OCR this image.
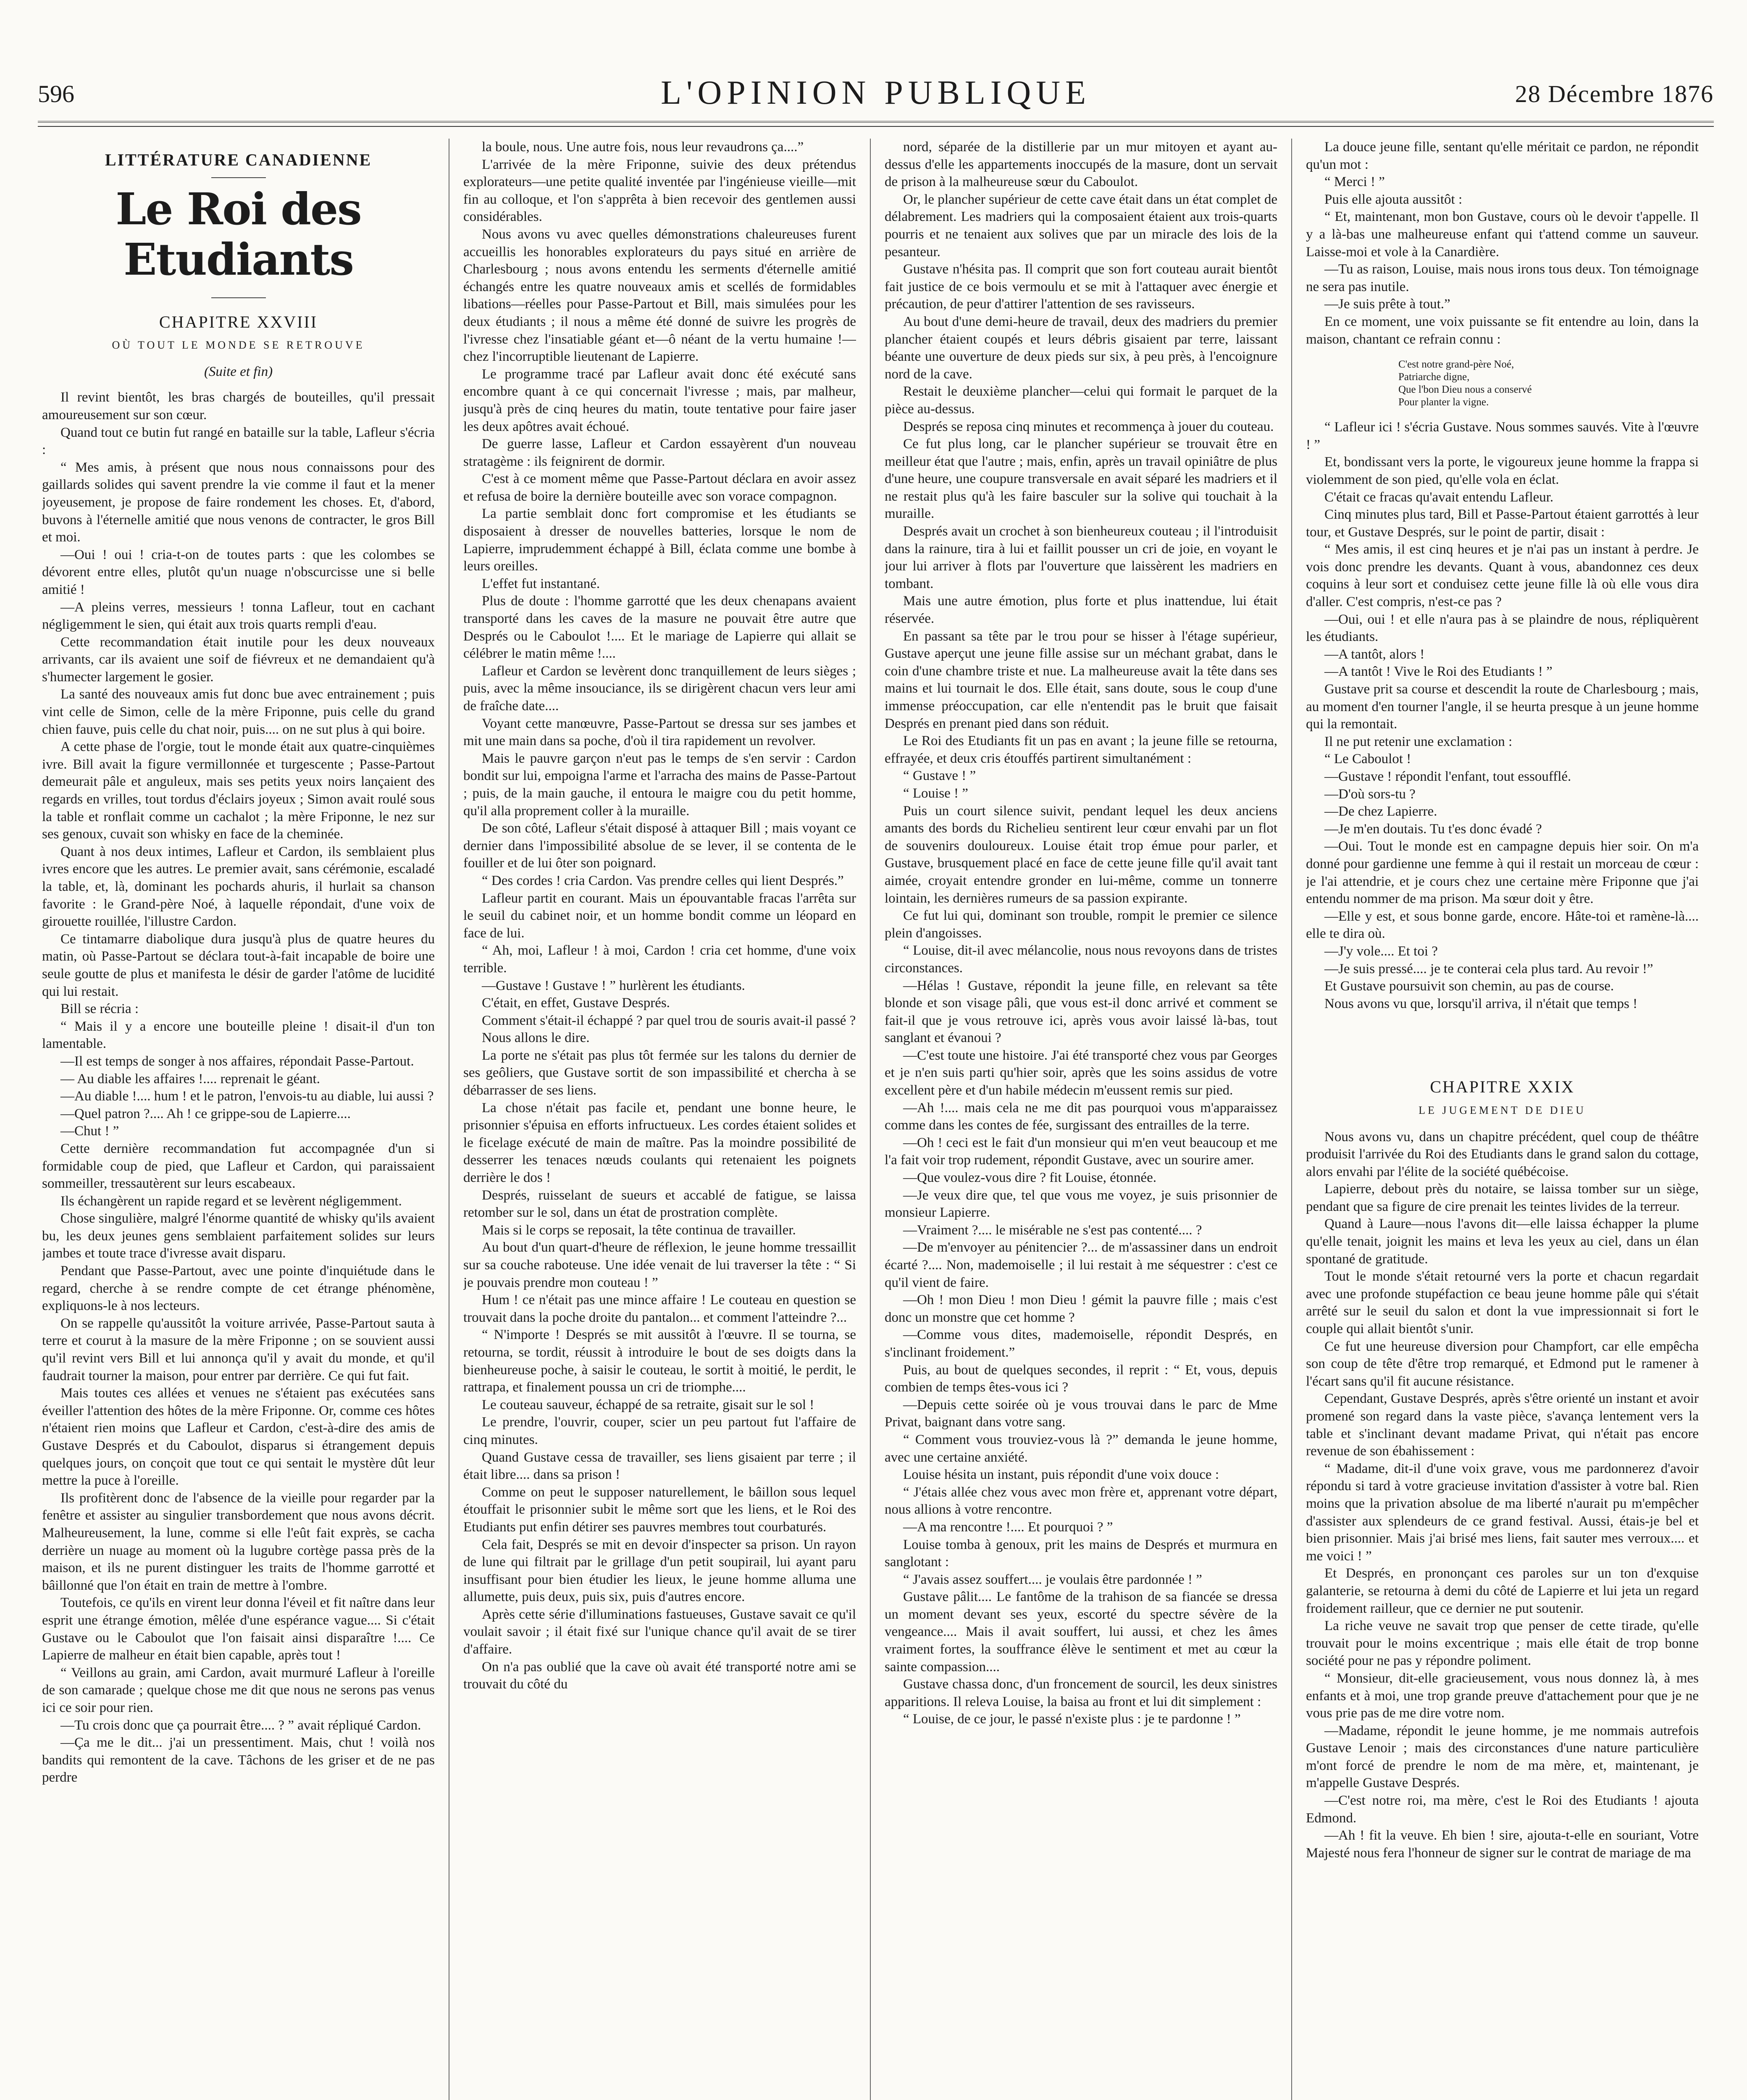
596	L'OPINION PUBLIQUE	28 Décembre 1876
LITTÉRATURE CANADIENNE
Le Roi des Etudiants
CHAPITRE XXVIII
OÙ TOUT LE MONDE SE RETROUVE
(Suite et fin)

Il revint bientôt, les bras chargés de bouteilles, qu'il pressait amoureusement sur son cœur.

Quand tout ce butin fut rangé en bataille sur la table, Lafleur s'écria :

“ Mes amis, à présent que nous nous connaissons pour des gaillards solides qui savent prendre la vie comme il faut et la mener joyeusement, je propose de faire rondement les choses. Et, d'abord, buvons à l'éternelle amitié que nous venons de contracter, le gros Bill et moi.

—Oui ! oui ! cria-t-on de toutes parts : que les colombes se dévorent entre elles, plutôt qu'un nuage n'obscurcisse une si belle amitié !

—A pleins verres, messieurs ! tonna Lafleur, tout en cachant négligemment le sien, qui était aux trois quarts rempli d'eau.

Cette recommandation était inutile pour les deux nouveaux arrivants, car ils avaient une soif de fiévreux et ne demandaient qu'à s'humecter largement le gosier.

La santé des nouveaux amis fut donc bue avec entrainement ; puis vint celle de Simon, celle de la mère Friponne, puis celle du grand chien fauve, puis celle du chat noir, puis.... on ne sut plus à qui boire.

A cette phase de l'orgie, tout le monde était aux quatre-cinquièmes ivre. Bill avait la figure vermillonnée et turgescente ; Passe-Partout demeurait pâle et anguleux, mais ses petits yeux noirs lançaient des regards en vrilles, tout tordus d'éclairs joyeux ; Simon avait roulé sous la table et ronflait comme un cachalot ; la mère Friponne, le nez sur ses genoux, cuvait son whisky en face de la cheminée.

Quant à nos deux intimes, Lafleur et Cardon, ils semblaient plus ivres encore que les autres. Le premier avait, sans cérémonie, escaladé la table, et, là, dominant les pochards ahuris, il hurlait sa chanson favorite : le Grand-père Noé, à laquelle répondait, d'une voix de girouette rouillée, l'illustre Cardon.

Ce tintamarre diabolique dura jusqu'à plus de quatre heures du matin, où Passe-Partout se déclara tout-à-fait incapable de boire une seule goutte de plus et manifesta le désir de garder l'atôme de lucidité qui lui restait.

Bill se récria :

“ Mais il y a encore une bouteille pleine ! disait-il d'un ton lamentable.

—Il est temps de songer à nos affaires, répondait Passe-Partout.

— Au diable les affaires !.... reprenait le géant.

—Au diable !.... hum ! et le patron, l'envois-tu au diable, lui aussi ?

—Quel patron ?.... Ah ! ce grippe-sou de Lapierre....

—Chut ! ”

Cette dernière recommandation fut accompagnée d'un si formidable coup de pied, que Lafleur et Cardon, qui paraissaient sommeiller, tressautèrent sur leurs escabeaux.

Ils échangèrent un rapide regard et se levèrent négligemment.

Chose singulière, malgré l'énorme quantité de whisky qu'ils avaient bu, les deux jeunes gens semblaient parfaitement solides sur leurs jambes et toute trace d'ivresse avait disparu.

Pendant que Passe-Partout, avec une pointe d'inquiétude dans le regard, cherche à se rendre compte de cet étrange phénomène, expliquons-le à nos lecteurs.

On se rappelle qu'aussitôt la voiture arrivée, Passe-Partout sauta à terre et courut à la masure de la mère Friponne ; on se souvient aussi qu'il revint vers Bill et lui annonça qu'il y avait du monde, et qu'il faudrait tourner la maison, pour entrer par derrière. Ce qui fut fait.

Mais toutes ces allées et venues ne s'étaient pas exécutées sans éveiller l'attention des hôtes de la mère Friponne. Or, comme ces hôtes n'étaient rien moins que Lafleur et Cardon, c'est-à-dire des amis de Gustave Després et du Caboulot, disparus si étrangement depuis quelques jours, on conçoit que tout ce qui sentait le mystère dût leur mettre la puce à l'oreille.

Ils profitèrent donc de l'absence de la vieille pour regarder par la fenêtre et assister au singulier transbordement que nous avons décrit. Malheureusement, la lune, comme si elle l'eût fait exprès, se cacha derrière un nuage au moment où la lugubre cortège passa près de la maison, et ils ne purent distinguer les traits de l'homme garrotté et bâillonné que l'on était en train de mettre à l'ombre.

Toutefois, ce qu'ils en virent leur donna l'éveil et fit naître dans leur esprit une étrange émotion, mêlée d'une espérance vague.... Si c'était Gustave ou le Caboulot que l'on faisait ainsi disparaître !.... Ce Lapierre de malheur en était bien capable, après tout !

“ Veillons au grain, ami Cardon, avait murmuré Lafleur à l'oreille de son camarade ; quelque chose me dit que nous ne serons pas venus ici ce soir pour rien.

—Tu crois donc que ça pourrait être.... ? ” avait répliqué Cardon.

—Ça me le dit... j'ai un pressentiment. Mais, chut ! voilà nos bandits qui remontent de la cave. Tâchons de les griser et de ne pas perdre

la boule, nous. Une autre fois, nous leur revaudrons ça....”

L'arrivée de la mère Friponne, suivie des deux prétendus explorateurs—une petite qualité inventée par l'ingénieuse vieille—mit fin au colloque, et l'on s'apprêta à bien recevoir des gentlemen aussi considérables.

Nous avons vu avec quelles démonstrations chaleureuses furent accueillis les honorables explorateurs du pays situé en arrière de Charlesbourg ; nous avons entendu les serments d'éternelle amitié échangés entre les quatre nouveaux amis et scellés de formidables libations—réelles pour Passe-Partout et Bill, mais simulées pour les deux étudiants ; il nous a même été donné de suivre les progrès de l'ivresse chez l'insatiable géant et—ô néant de la vertu humaine !—chez l'incorruptible lieutenant de Lapierre.

Le programme tracé par Lafleur avait donc été exécuté sans encombre quant à ce qui concernait l'ivresse ; mais, par malheur, jusqu'à près de cinq heures du matin, toute tentative pour faire jaser les deux apôtres avait échoué.

De guerre lasse, Lafleur et Cardon essayèrent d'un nouveau stratagème : ils feignirent de dormir.

C'est à ce moment même que Passe-Partout déclara en avoir assez et refusa de boire la dernière bouteille avec son vorace compagnon.

La partie semblait donc fort compromise et les étudiants se disposaient à dresser de nouvelles batteries, lorsque le nom de Lapierre, imprudemment échappé à Bill, éclata comme une bombe à leurs oreilles.

L'effet fut instantané.

Plus de doute : l'homme garrotté que les deux chenapans avaient transporté dans les caves de la masure ne pouvait être autre que Després ou le Caboulot !.... Et le mariage de Lapierre qui allait se célébrer le matin même !....

Lafleur et Cardon se levèrent donc tranquillement de leurs sièges ; puis, avec la même insouciance, ils se dirigèrent chacun vers leur ami de fraîche date....

Voyant cette manœuvre, Passe-Partout se dressa sur ses jambes et mit une main dans sa poche, d'où il tira rapidement un revolver.

Mais le pauvre garçon n'eut pas le temps de s'en servir : Cardon bondit sur lui, empoigna l'arme et l'arracha des mains de Passe-Partout ; puis, de la main gauche, il entoura le maigre cou du petit homme, qu'il alla proprement coller à la muraille.

De son côté, Lafleur s'était disposé à attaquer Bill ; mais voyant ce dernier dans l'impossibilité absolue de se lever, il se contenta de le fouiller et de lui ôter son poignard.

“ Des cordes ! cria Cardon. Vas prendre celles qui lient Després.”

Lafleur partit en courant. Mais un épouvantable fracas l'arrêta sur le seuil du cabinet noir, et un homme bondit comme un léopard en face de lui.

“ Ah, moi, Lafleur ! à moi, Cardon ! cria cet homme, d'une voix terrible.

—Gustave ! Gustave ! ” hurlèrent les étudiants.

C'était, en effet, Gustave Després.

Comment s'était-il échappé ? par quel trou de souris avait-il passé ?

Nous allons le dire.

La porte ne s'était pas plus tôt fermée sur les talons du dernier de ses geôliers, que Gustave sortit de son impassibilité et chercha à se débarrasser de ses liens.

La chose n'était pas facile et, pendant une bonne heure, le prisonnier s'épuisa en efforts infructueux. Les cordes étaient solides et le ficelage exécuté de main de maître. Pas la moindre possibilité de desserrer les tenaces nœuds coulants qui retenaient les poignets derrière le dos !

Després, ruisselant de sueurs et accablé de fatigue, se laissa retomber sur le sol, dans un état de prostration complète.

Mais si le corps se reposait, la tête continua de travailler.

Au bout d'un quart-d'heure de réflexion, le jeune homme tressaillit sur sa couche raboteuse. Une idée venait de lui traverser la tête : “ Si je pouvais prendre mon couteau ! ”

Hum ! ce n'était pas une mince affaire ! Le couteau en question se trouvait dans la poche droite du pantalon... et comment l'atteindre ?...

“ N'importe ! Després se mit aussitôt à l'œuvre. Il se tourna, se retourna, se tordit, réussit à introduire le bout de ses doigts dans la bienheureuse poche, à saisir le couteau, le sortit à moitié, le perdit, le rattrapa, et finalement poussa un cri de triomphe....

Le couteau sauveur, échappé de sa retraite, gisait sur le sol !

Le prendre, l'ouvrir, couper, scier un peu partout fut l'affaire de cinq minutes.

Quand Gustave cessa de travailler, ses liens gisaient par terre ; il était libre.... dans sa prison !

Comme on peut le supposer naturellement, le bâillon sous lequel étouffait le prisonnier subit le même sort que les liens, et le Roi des Etudiants put enfin détirer ses pauvres membres tout courbaturés.

Cela fait, Després se mit en devoir d'inspecter sa prison. Un rayon de lune qui filtrait par le grillage d'un petit soupirail, lui ayant paru insuffisant pour bien étudier les lieux, le jeune homme alluma une allumette, puis deux, puis six, puis d'autres encore.

Après cette série d'illuminations fastueuses, Gustave savait ce qu'il voulait savoir ; il était fixé sur l'unique chance qu'il avait de se tirer d'affaire.

On n'a pas oublié que la cave où avait été transporté notre ami se trouvait du côté du

nord, séparée de la distillerie par un mur mitoyen et ayant au-dessus d'elle les appartements inoccupés de la masure, dont un servait de prison à la malheureuse sœur du Caboulot.

Or, le plancher supérieur de cette cave était dans un état complet de délabrement. Les madriers qui la composaient étaient aux trois-quarts pourris et ne tenaient aux solives que par un miracle des lois de la pesanteur.

Gustave n'hésita pas. Il comprit que son fort couteau aurait bientôt fait justice de ce bois vermoulu et se mit à l'attaquer avec énergie et précaution, de peur d'attirer l'attention de ses ravisseurs.

Au bout d'une demi-heure de travail, deux des madriers du premier plancher étaient coupés et leurs débris gisaient par terre, laissant béante une ouverture de deux pieds sur six, à peu près, à l'encoignure nord de la cave.

Restait le deuxième plancher—celui qui formait le parquet de la pièce au-dessus.

Després se reposa cinq minutes et recommença à jouer du couteau.

Ce fut plus long, car le plancher supérieur se trouvait être en meilleur état que l'autre ; mais, enfin, après un travail opiniâtre de plus d'une heure, une coupure transversale en avait séparé les madriers et il ne restait plus qu'à les faire basculer sur la solive qui touchait à la muraille.

Després avait un crochet à son bienheureux couteau ; il l'introduisit dans la rainure, tira à lui et faillit pousser un cri de joie, en voyant le jour lui arriver à flots par l'ouverture que laissèrent les madriers en tombant.

Mais une autre émotion, plus forte et plus inattendue, lui était réservée.

En passant sa tête par le trou pour se hisser à l'étage supérieur, Gustave aperçut une jeune fille assise sur un méchant grabat, dans le coin d'une chambre triste et nue. La malheureuse avait la tête dans ses mains et lui tournait le dos. Elle était, sans doute, sous le coup d'une immense préoccupation, car elle n'entendit pas le bruit que faisait Després en prenant pied dans son réduit.

Le Roi des Etudiants fit un pas en avant ; la jeune fille se retourna, effrayée, et deux cris étouffés partirent simultanément :

“ Gustave ! ”

“ Louise ! ”

Puis un court silence suivit, pendant lequel les deux anciens amants des bords du Richelieu sentirent leur cœur envahi par un flot de souvenirs douloureux. Louise était trop émue pour parler, et Gustave, brusquement placé en face de cette jeune fille qu'il avait tant aimée, croyait entendre gronder en lui-même, comme un tonnerre lointain, les dernières rumeurs de sa passion expirante.

Ce fut lui qui, dominant son trouble, rompit le premier ce silence plein d'angoisses.

“ Louise, dit-il avec mélancolie, nous nous revoyons dans de tristes circonstances.

—Hélas ! Gustave, répondit la jeune fille, en relevant sa tête blonde et son visage pâli, que vous est-il donc arrivé et comment se fait-il que je vous retrouve ici, après vous avoir laissé là-bas, tout sanglant et évanoui ?

—C'est toute une histoire. J'ai été transporté chez vous par Georges et je n'en suis parti qu'hier soir, après que les soins assidus de votre excellent père et d'un habile médecin m'eussent remis sur pied.

—Ah !.... mais cela ne me dit pas pourquoi vous m'apparaissez comme dans les contes de fée, surgissant des entrailles de la terre.

—Oh ! ceci est le fait d'un monsieur qui m'en veut beaucoup et me l'a fait voir trop rudement, répondit Gustave, avec un sourire amer.

—Que voulez-vous dire ? fit Louise, étonnée.

—Je veux dire que, tel que vous me voyez, je suis prisonnier de monsieur Lapierre.

—Vraiment ?.... le misérable ne s'est pas contenté.... ?

—De m'envoyer au pénitencier ?... de m'assassiner dans un endroit écarté ?.... Non, mademoiselle ; il lui restait à me séquestrer : c'est ce qu'il vient de faire.

—Oh ! mon Dieu ! mon Dieu ! gémit la pauvre fille ; mais c'est donc un monstre que cet homme ?

—Comme vous dites, mademoiselle, répondit Després, en s'inclinant froidement.”

Puis, au bout de quelques secondes, il reprit : “ Et, vous, depuis combien de temps êtes-vous ici ?

—Depuis cette soirée où je vous trouvai dans le parc de Mme Privat, baignant dans votre sang.

“ Comment vous trouviez-vous là ?” demanda le jeune homme, avec une certaine anxiété.

Louise hésita un instant, puis répondit d'une voix douce :

“ J'étais allée chez vous avec mon frère et, apprenant votre départ, nous allions à votre rencontre.

—A ma rencontre !.... Et pourquoi ? ”

Louise tomba à genoux, prit les mains de Després et murmura en sanglotant :

“ J'avais assez souffert.... je voulais être pardonnée ! ”

Gustave pâlit.... Le fantôme de la trahison de sa fiancée se dressa un moment devant ses yeux, escorté du spectre sévère de la vengeance.... Mais il avait souffert, lui aussi, et chez les âmes vraiment fortes, la souffrance élève le sentiment et met au cœur la sainte compassion....

Gustave chassa donc, d'un froncement de sourcil, les deux sinistres apparitions. Il releva Louise, la baisa au front et lui dit simplement :

“ Louise, de ce jour, le passé n'existe plus : je te pardonne ! ”

La douce jeune fille, sentant qu'elle méritait ce pardon, ne répondit qu'un mot :

“ Merci ! ”

Puis elle ajouta aussitôt :

“ Et, maintenant, mon bon Gustave, cours où le devoir t'appelle. Il y a là-bas une malheureuse enfant qui t'attend comme un sauveur. Laisse-moi et vole à la Canardière.

—Tu as raison, Louise, mais nous irons tous deux. Ton témoignage ne sera pas inutile.

—Je suis prête à tout.”

En ce moment, une voix puissante se fit entendre au loin, dans la maison, chantant ce refrain connu :

C'est notre grand-père Noé,
Patriarche digne,
Que l'bon Dieu nous a conservé
Pour planter la vigne.

“ Lafleur ici ! s'écria Gustave. Nous sommes sauvés. Vite à l'œuvre ! ”

Et, bondissant vers la porte, le vigoureux jeune homme la frappa si violemment de son pied, qu'elle vola en éclat.

C'était ce fracas qu'avait entendu Lafleur.

Cinq minutes plus tard, Bill et Passe-Partout étaient garrottés à leur tour, et Gustave Després, sur le point de partir, disait :

“ Mes amis, il est cinq heures et je n'ai pas un instant à perdre. Je vois donc prendre les devants. Quant à vous, abandonnez ces deux coquins à leur sort et conduisez cette jeune fille là où elle vous dira d'aller. C'est compris, n'est-ce pas ?

—Oui, oui ! et elle n'aura pas à se plaindre de nous, répliquèrent les étudiants.

—A tantôt, alors !

—A tantôt ! Vive le Roi des Etudiants ! ”

Gustave prit sa course et descendit la route de Charlesbourg ; mais, au moment d'en tourner l'angle, il se heurta presque à un jeune homme qui la remontait.

Il ne put retenir une exclamation :

“ Le Caboulot !

—Gustave ! répondit l'enfant, tout essoufflé.

—D'où sors-tu ?

—De chez Lapierre.

—Je m'en doutais. Tu t'es donc évadé ?

—Oui. Tout le monde est en campagne depuis hier soir. On m'a donné pour gardienne une femme à qui il restait un morceau de cœur : je l'ai attendrie, et je cours chez une certaine mère Friponne que j'ai entendu nommer de ma prison. Ma sœur doit y être.

—Elle y est, et sous bonne garde, encore. Hâte-toi et ramène-là.... elle te dira où.

—J'y vole.... Et toi ?

—Je suis pressé.... je te conterai cela plus tard. Au revoir !”

Et Gustave poursuivit son chemin, au pas de course.

Nous avons vu que, lorsqu'il arriva, il n'était que temps !

CHAPITRE XXIX
LE JUGEMENT DE DIEU

Nous avons vu, dans un chapitre précédent, quel coup de théâtre produisit l'arrivée du Roi des Etudiants dans le grand salon du cottage, alors envahi par l'élite de la société québécoise.

Lapierre, debout près du notaire, se laissa tomber sur un siège, pendant que sa figure de cire prenait les teintes livides de la terreur.

Quand à Laure—nous l'avons dit—elle laissa échapper la plume qu'elle tenait, joignit les mains et leva les yeux au ciel, dans un élan spontané de gratitude.

Tout le monde s'était retourné vers la porte et chacun regardait avec une profonde stupéfaction ce beau jeune homme pâle qui s'était arrêté sur le seuil du salon et dont la vue impressionnait si fort le couple qui allait bientôt s'unir.

Ce fut une heureuse diversion pour Champfort, car elle empêcha son coup de tête d'être trop remarqué, et Edmond put le ramener à l'écart sans qu'il fit aucune résistance.

Cependant, Gustave Després, après s'être orienté un instant et avoir promené son regard dans la vaste pièce, s'avança lentement vers la table et s'inclinant devant madame Privat, qui n'était pas encore revenue de son ébahissement :

“ Madame, dit-il d'une voix grave, vous me pardonnerez d'avoir répondu si tard à votre gracieuse invitation d'assister à votre bal. Rien moins que la privation absolue de ma liberté n'aurait pu m'empêcher d'assister aux splendeurs de ce grand festival. Aussi, étais-je bel et bien prisonnier. Mais j'ai brisé mes liens, fait sauter mes verroux.... et me voici ! ”

Et Després, en prononçant ces paroles sur un ton d'exquise galanterie, se retourna à demi du côté de Lapierre et lui jeta un regard froidement railleur, que ce dernier ne put soutenir.

La riche veuve ne savait trop que penser de cette tirade, qu'elle trouvait pour le moins excentrique ; mais elle était de trop bonne société pour ne pas y répondre poliment.

“ Monsieur, dit-elle gracieusement, vous nous donnez là, à mes enfants et à moi, une trop grande preuve d'attachement pour que je ne vous prie pas de me dire votre nom.

—Madame, répondit le jeune homme, je me nommais autrefois Gustave Lenoir ; mais des circonstances d'une nature particulière m'ont forcé de prendre le nom de ma mère, et, maintenant, je m'appelle Gustave Després.

—C'est notre roi, ma mère, c'est le Roi des Etudiants ! ajouta Edmond.

—Ah ! fit la veuve. Eh bien ! sire, ajouta-t-elle en souriant, Votre Majesté nous fera l'honneur de signer sur le contrat de mariage de ma
